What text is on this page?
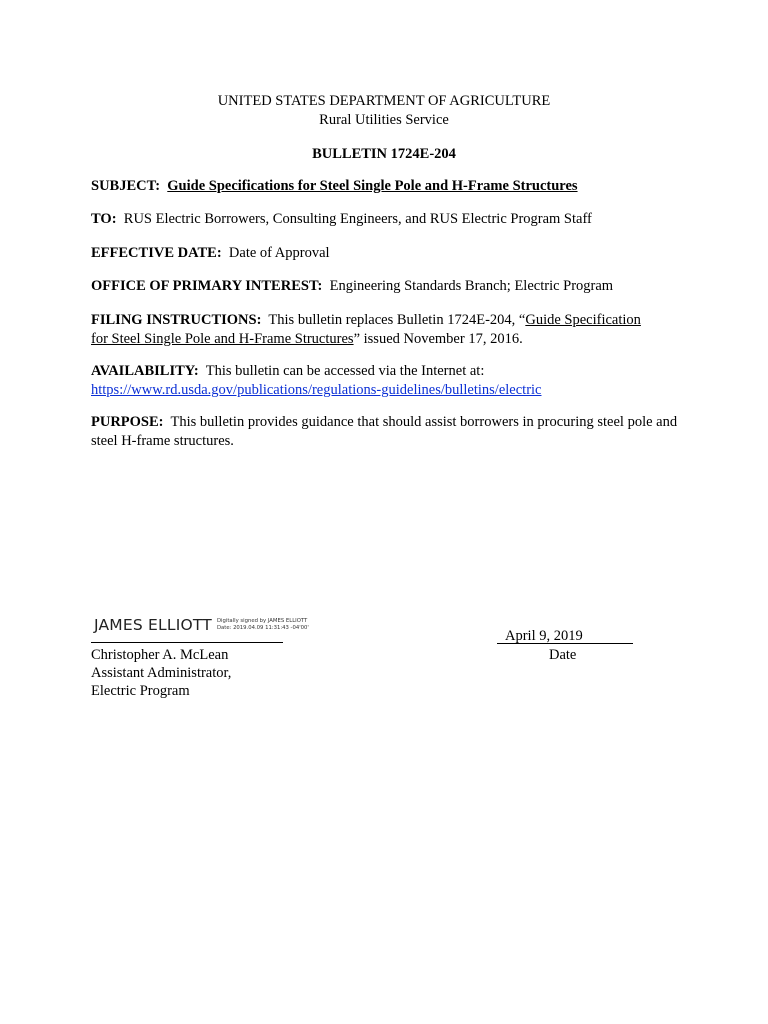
UNITED STATES DEPARTMENT OF AGRICULTURE
Rural Utilities Service
BULLETIN 1724E-204
SUBJECT: Guide Specifications for Steel Single Pole and H-Frame Structures
TO: RUS Electric Borrowers, Consulting Engineers, and RUS Electric Program Staff
EFFECTIVE DATE: Date of Approval
OFFICE OF PRIMARY INTEREST: Engineering Standards Branch; Electric Program
FILING INSTRUCTIONS: This bulletin replaces Bulletin 1724E-204, “Guide Specification
for Steel Single Pole and H-Frame Structures” issued November 17, 2016.
AVAILABILITY: This bulletin can be accessed via the Internet at:
https://www.rd.usda.gov/publications/regulations-guidelines/bulletins/electric
PURPOSE: This bulletin provides guidance that should assist borrowers in procuring steel pole and steel H-frame structures.
JAMES ELLIOTT Digitally signed by JAMES ELLIOTT
Date: 2019.04.09 11:31:43 -04'00'	April 9, 2019
Christopher A. McLean
Assistant Administrator,
Electric Program
Date
